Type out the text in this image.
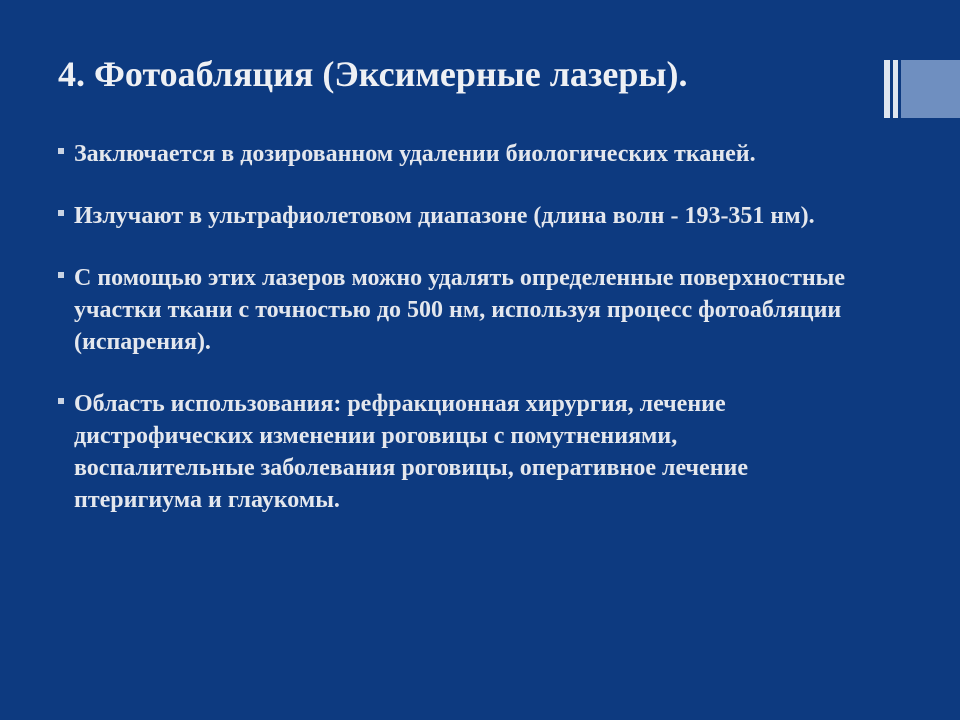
4. Фотоабляция (Эксимерные лазеры).
Заключается в дозированном удалении биологических тканей.
Излучают в ультрафиолетовом диапазоне (длина волн - 193-351 нм).
С помощью этих лазеров можно удалять определенные поверхностные участки ткани с точностью до 500 нм, используя процесс фотоабляции (испарения).
Область использования: рефракционная хирургия, лечение дистрофических изменении роговицы с помутнениями, воспалительные заболевания роговицы, оперативное лечение птеригиума и глаукомы.
